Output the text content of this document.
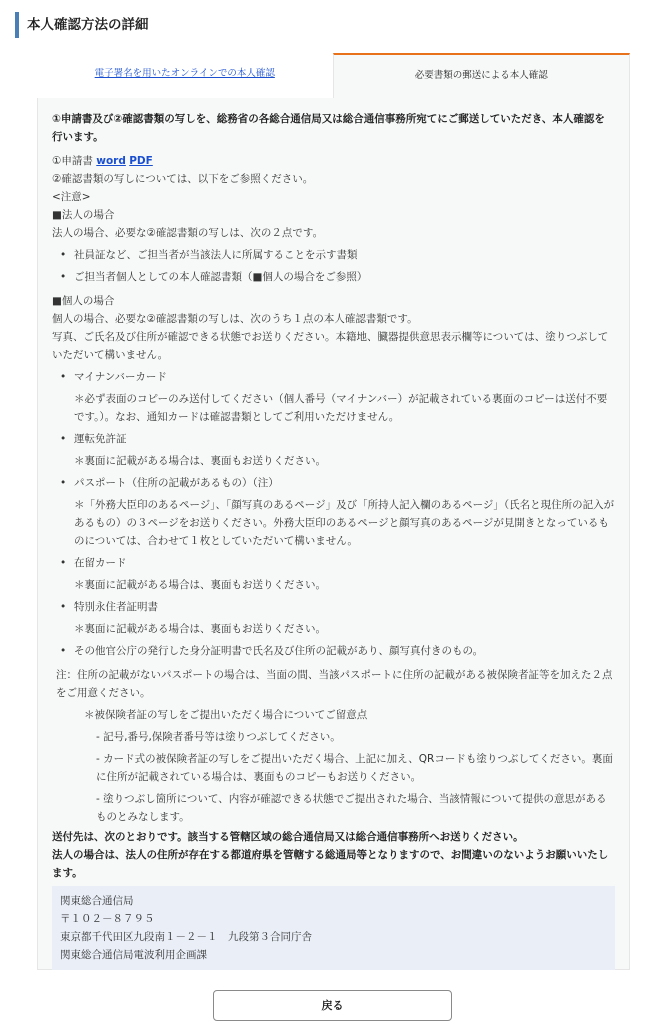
本人確認方法の詳細
電子署名を用いたオンラインでの本人確認	必要書類の郵送による本人確認

①申請書及び②確認書類の写しを、総務省の各総合通信局又は総合通信事務所宛てにご郵送していただき、本人確認を行います。

①申請書 word PDF

②確認書類の写しについては、以下をご参照ください。

<注意>

■法人の場合

法人の場合、必要な②確認書類の写しは、次の２点です。

• 社員証など、ご担当者が当該法人に所属することを示す書類
• ご担当者個人としての本人確認書類（■個人の場合をご参照）

■個人の場合

個人の場合、必要な②確認書類の写しは、次のうち１点の本人確認書類です。

写真、ご氏名及び住所が確認できる状態でお送りください。本籍地、臓器提供意思表示欄等については、塗りつぶしていただいて構いません。

• マイナンバーカード

＊必ず表面のコピーのみ送付してください（個人番号（マイナンバー）が記載されている裏面のコピーは送付不要です。）。なお、通知カードは確認書類としてご利用いただけません。

• 運転免許証

＊裏面に記載がある場合は、裏面もお送りください。

• パスポート（住所の記載があるもの）（注）

＊「外務大臣印のあるページ」、「顔写真のあるページ」及び「所持人記入欄のあるページ」（氏名と現住所の記入があるもの）の３ページをお送りください。外務大臣印のあるページと顔写真のあるページが見開きとなっているものについては、合わせて１枚としていただいて構いません。

• 在留カード

＊裏面に記載がある場合は、裏面もお送りください。

• 特別永住者証明書

＊裏面に記載がある場合は、裏面もお送りください。

• その他官公庁の発行した身分証明書で氏名及び住所の記載があり、顔写真付きのもの。

注：住所の記載がないパスポートの場合は、当面の間、当該パスポートに住所の記載がある被保険者証等を加えた２点をご用意ください。

＊被保険者証の写しをご提出いただく場合についてご留意点

- 記号,番号,保険者番号等は塗りつぶしてください。

- カード式の被保険者証の写しをご提出いただく場合、上記に加え、QRコードも塗りつぶしてください。裏面に住所が記載されている場合は、裏面ものコピーもお送りください。

- 塗りつぶし箇所について、内容が確認できる状態でご提出された場合、当該情報について提供の意思があるものとみなします。

送付先は、次のとおりです。該当する管轄区域の総合通信局又は総合通信事務所へお送りください。

法人の場合は、法人の住所が存在する都道府県を管轄する総通局等となりますので、お間違いのないようお願いいたします。

関東総合通信局

〒１０２－８７９５

東京都千代田区九段南１－２－１　九段第３合同庁舎

関東総合通信局電波利用企画課

戻る
